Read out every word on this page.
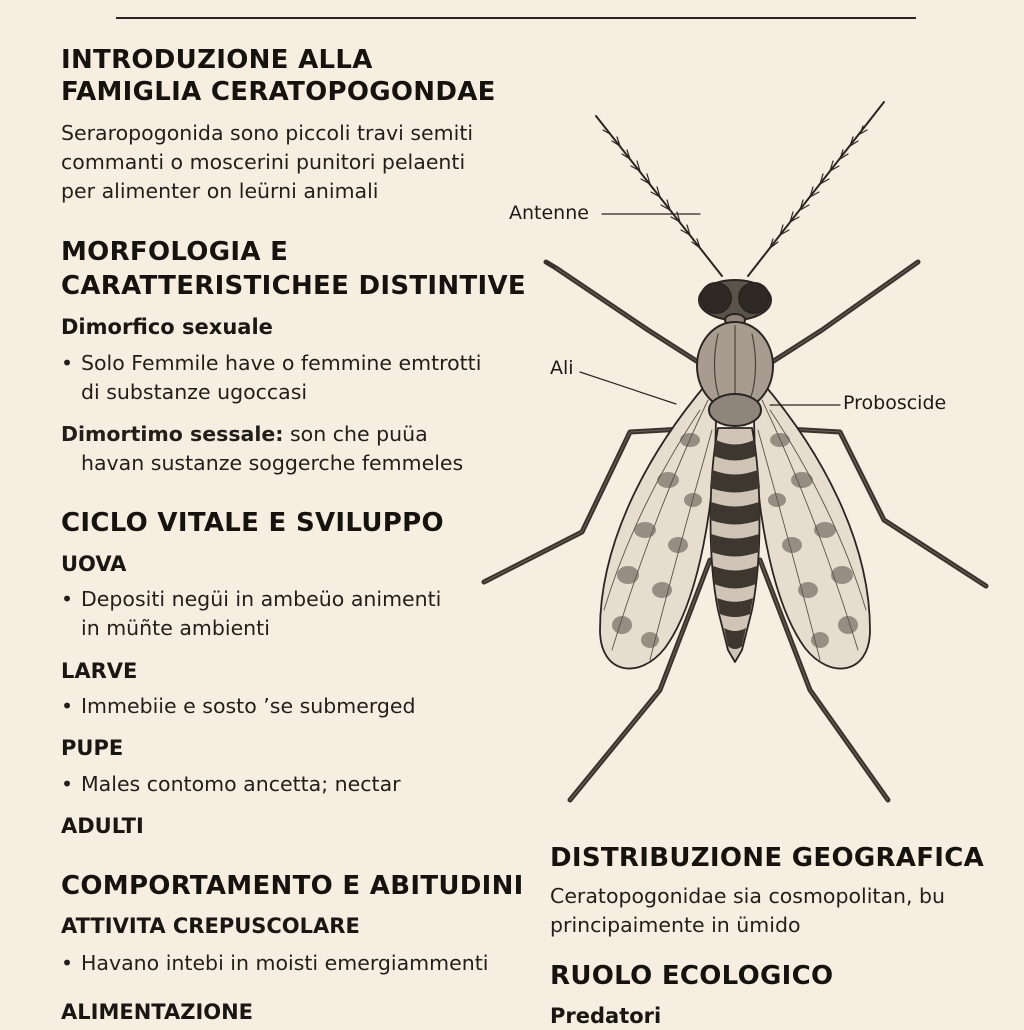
INTRODUZIONE ALLA
FAMIGLIA CERATOPOGONDAE
Seraropogonida sono piccoli travi semiti
commanti o moscerini punitori pelaenti
per alimenter on leürni animali
MORFOLOGIA E
CARATTERISTICHEE DISTINTIVE
Dimorfico sexuale
• Solo Femmile have o femmine emtrotti
di substanze ugoccasi
Dimortimo sessale: son che puüa
havan sustanze soggerche femmeles
CICLO VITALE E SVILUPPO
UOVA
• Depositi negüi in ambeüo animenti
in müñte ambienti
LARVE
• Immebiie e sosto ’se submerged
PUPE
• Males contomo ancetta; nectar
ADULTI
COMPORTAMENTO E ABITUDINI
ATTIVITA CREPUSCOLARE
• Havano intebi in moisti emergiammenti
ALIMENTAZIONE
Antenne
Ali
Proboscide
DISTRIBUZIONE GEOGRAFICA
Ceratopogonidae sia cosmopolitan, bu
principaimente in ümido
RUOLO ECOLOGICO
Predatori
